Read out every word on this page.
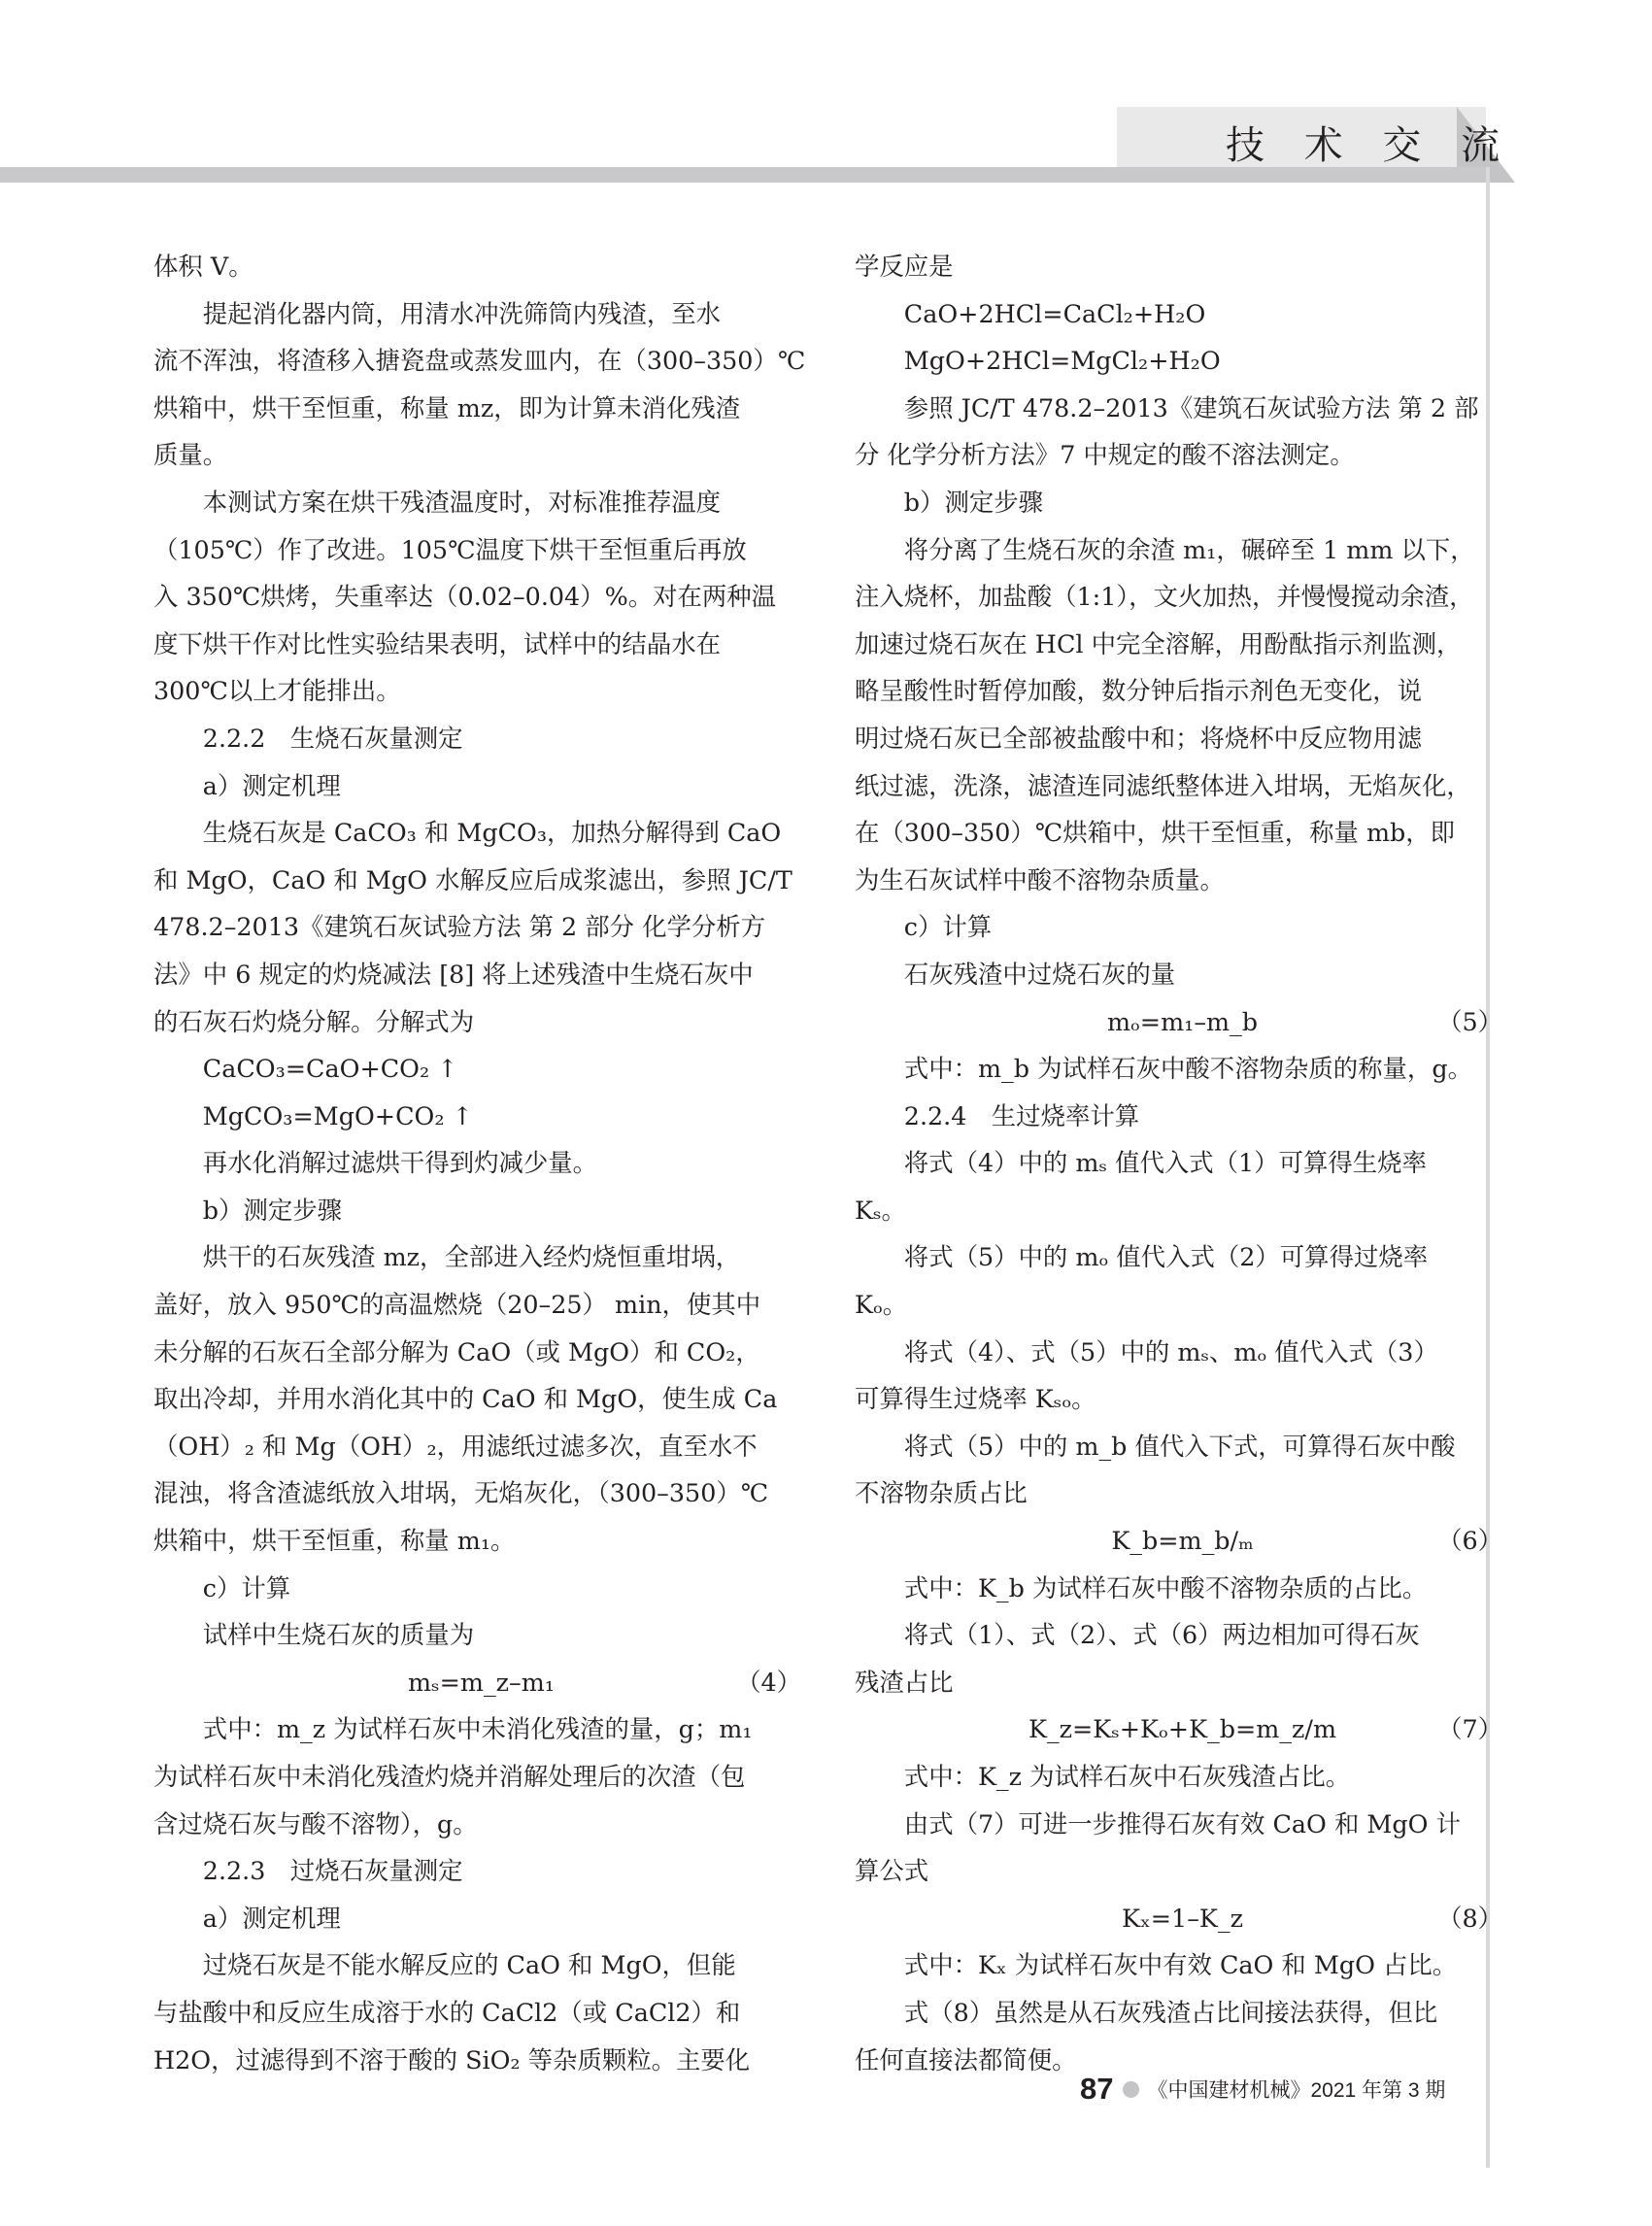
技 术 交 流
体积 V。
提起消化器内筒，用清水冲洗筛筒内残渣，至水
流不浑浊，将渣移入搪瓷盘或蒸发皿内，在（300–350）℃
烘箱中，烘干至恒重，称量 mz，即为计算未消化残渣
质量。
本测试方案在烘干残渣温度时，对标准推荐温度
（105℃）作了改进。105℃温度下烘干至恒重后再放
入 350℃烘烤，失重率达（0.02–0.04）%。对在两种温
度下烘干作对比性实验结果表明，试样中的结晶水在
300℃以上才能排出。
2.2.2　生烧石灰量测定
a）测定机理
生烧石灰是 CaCO₃ 和 MgCO₃，加热分解得到 CaO
和 MgO，CaO 和 MgO 水解反应后成浆滤出，参照 JC/T
478.2–2013《建筑石灰试验方法 第 2 部分 化学分析方
法》中 6 规定的灼烧减法 [8] 将上述残渣中生烧石灰中
的石灰石灼烧分解。分解式为
CaCO₃=CaO+CO₂ ↑
MgCO₃=MgO+CO₂ ↑
再水化消解过滤烘干得到灼减少量。
b）测定步骤
烘干的石灰残渣 mz，全部进入经灼烧恒重坩埚，
盖好，放入 950℃的高温燃烧（20–25） min，使其中
未分解的石灰石全部分解为 CaO（或 MgO）和 CO₂，
取出冷却，并用水消化其中的 CaO 和 MgO，使生成 Ca
（OH）₂ 和 Mg（OH）₂，用滤纸过滤多次，直至水不
混浊，将含渣滤纸放入坩埚，无焰灰化，（300–350）℃
烘箱中，烘干至恒重，称量 m₁。
c）计算
试样中生烧石灰的质量为
mₛ=m_z–m₁	（4）
式中：m_z 为试样石灰中未消化残渣的量，g；m₁
为试样石灰中未消化残渣灼烧并消解处理后的次渣（包
含过烧石灰与酸不溶物），g。
2.2.3　过烧石灰量测定
a）测定机理
过烧石灰是不能水解反应的 CaO 和 MgO，但能
与盐酸中和反应生成溶于水的 CaCl2（或 CaCl2）和
H2O，过滤得到不溶于酸的 SiO₂ 等杂质颗粒。主要化
学反应是
CaO+2HCl=CaCl₂+H₂O
MgO+2HCl=MgCl₂+H₂O
参照 JC/T 478.2–2013《建筑石灰试验方法 第 2 部
分 化学分析方法》7 中规定的酸不溶法测定。
b）测定步骤
将分离了生烧石灰的余渣 m₁，碾碎至 1 mm 以下，
注入烧杯，加盐酸（1:1），文火加热，并慢慢搅动余渣，
加速过烧石灰在 HCl 中完全溶解，用酚酞指示剂监测，
略呈酸性时暂停加酸，数分钟后指示剂色无变化，说
明过烧石灰已全部被盐酸中和；将烧杯中反应物用滤
纸过滤，洗涤，滤渣连同滤纸整体进入坩埚，无焰灰化，
在（300–350）℃烘箱中，烘干至恒重，称量 mb，即
为生石灰试样中酸不溶物杂质量。
c）计算
石灰残渣中过烧石灰的量
mₒ=m₁–m_b	（5）
式中：m_b 为试样石灰中酸不溶物杂质的称量，g。
2.2.4　生过烧率计算
将式（4）中的 mₛ 值代入式（1）可算得生烧率
Kₛ。
将式（5）中的 mₒ 值代入式（2）可算得过烧率
Kₒ。
将式（4）、式（5）中的 mₛ、mₒ 值代入式（3）
可算得生过烧率 Kₛₒ。
将式（5）中的 m_b 值代入下式，可算得石灰中酸
不溶物杂质占比
K_b=m_b/ₘ	（6）
式中：K_b 为试样石灰中酸不溶物杂质的占比。
将式（1）、式（2）、式（6）两边相加可得石灰
残渣占比
K_z=Kₛ+Kₒ+K_b=m_z/m	（7）
式中：K_z 为试样石灰中石灰残渣占比。
由式（7）可进一步推得石灰有效 CaO 和 MgO 计
算公式
Kₓ=1–K_z	（8）
式中：Kₓ 为试样石灰中有效 CaO 和 MgO 占比。
式（8）虽然是从石灰残渣占比间接法获得，但比
任何直接法都简便。
87 《中国建材机械》2021 年第 3 期
